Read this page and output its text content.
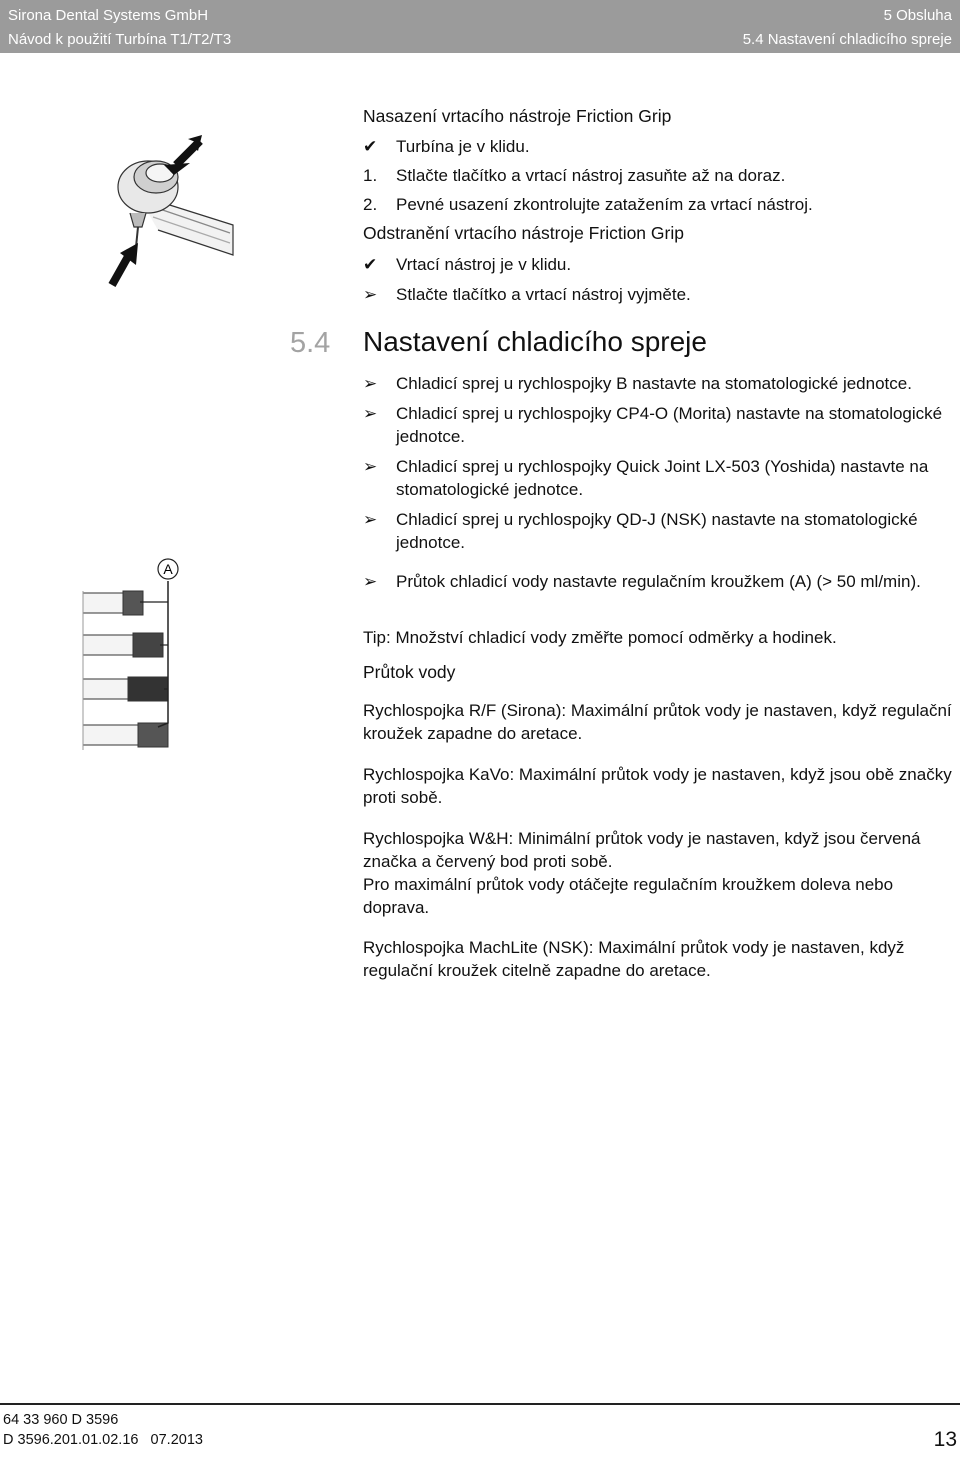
Sirona Dental Systems GmbH
Návod k použití Turbína T1/T2/T3
5 Obsluha
5.4 Nastavení chladicího spreje
A
Nasazení vrtacího nástroje Friction Grip
✔	Turbína je v klidu.
1.	Stlačte tlačítko a vrtací nástroj zasuňte až na doraz.
2.	Pevné usazení zkontrolujte zatažením za vrtací nástroj.
Odstranění vrtacího nástroje Friction Grip
✔	Vrtací nástroj je v klidu.
➢	Stlačte tlačítko a vrtací nástroj vyjměte.
➢	Chladicí sprej u rychlospojky B nastavte na stomatologické jednotce.
➢	Chladicí sprej u rychlospojky CP4-O (Morita) nastavte na stomatologické jednotce.
➢	Chladicí sprej u rychlospojky Quick Joint LX-503 (Yoshida) nastavte na stomatologické jednotce.
➢	Chladicí sprej u rychlospojky QD-J (NSK) nastavte na stomatologické jednotce.
➢	Průtok chladicí vody nastavte regulačním kroužkem (A) (> 50 ml/min).
Tip: Množství chladicí vody změřte pomocí odměrky a hodinek.
Průtok vody
Rychlospojka R/F (Sirona): Maximální průtok vody je nastaven, když regulační kroužek zapadne do aretace.
Rychlospojka KaVo: Maximální průtok vody je nastaven, když jsou obě značky proti sobě.
Rychlospojka W&H: Minimální průtok vody je nastaven, když jsou červená značka a červený bod proti sobě.
Pro maximální průtok vody otáčejte regulačním kroužkem doleva nebo doprava.
Rychlospojka MachLite (NSK): Maximální průtok vody je nastaven, když regulační kroužek citelně zapadne do aretace.
5.4 Nastavení chladicího spreje
64 33 960 D 3596
D 3596.201.01.02.16 07.2013	13
